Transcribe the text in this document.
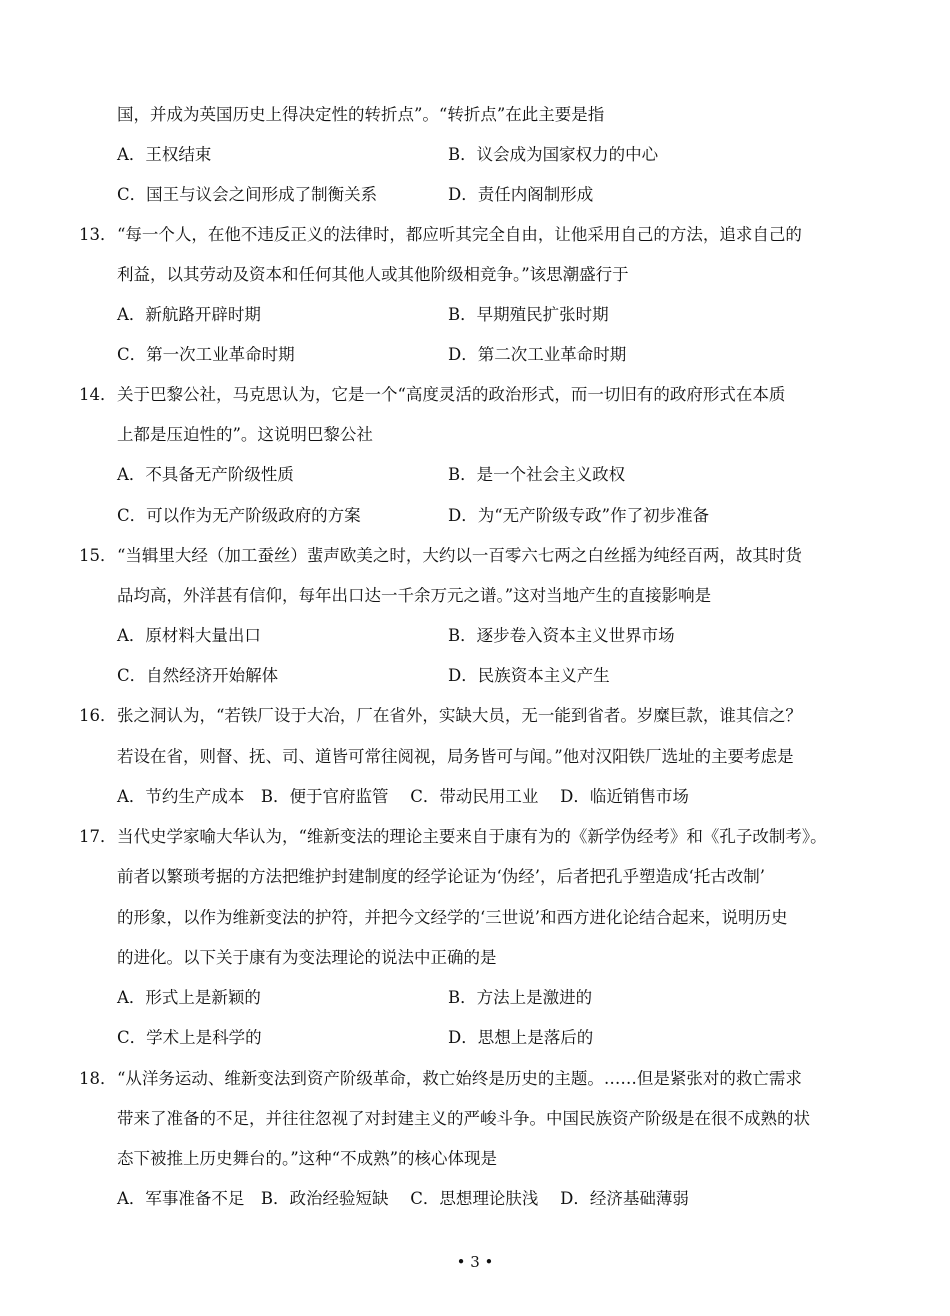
国，并成为英国历史上得决定性的转折点”。“转折点”在此主要是指
A．王权结束	B．议会成为国家权力的中心
C．国王与议会之间形成了制衡关系	D．责任内阁制形成
13． “每一个人，在他不违反正义的法律时，都应听其完全自由，让他采用自己的方法，追求自己的
利益，以其劳动及资本和任何其他人或其他阶级相竞争。”该思潮盛行于
A．新航路开辟时期	B．早期殖民扩张时期
C．第一次工业革命时期	D．第二次工业革命时期
14． 关于巴黎公社，马克思认为，它是一个“高度灵活的政治形式，而一切旧有的政府形式在本质
上都是压迫性的”。这说明巴黎公社
A．不具备无产阶级性质	B．是一个社会主义政权
C．可以作为无产阶级政府的方案	D．为“无产阶级专政”作了初步准备
15． “当辑里大经（加工蚕丝）蜚声欧美之时，大约以一百零六七两之白丝摇为纯经百两，故其时货
品均高，外洋甚有信仰，每年出口达一千余万元之谱。”这对当地产生的直接影响是
A．原材料大量出口	B．逐步卷入资本主义世界市场
C．自然经济开始解体	D．民族资本主义产生
16． 张之洞认为，“若铁厂设于大冶，厂在省外，实缺大员，无一能到省者。岁糜巨款，谁其信之？
若设在省，则督、抚、司、道皆可常往阅视，局务皆可与闻。”他对汉阳铁厂选址的主要考虑是
A．节约生产成本　B．便于官府监管　 C．带动民用工业　 D．临近销售市场
17． 当代史学家喻大华认为，“维新变法的理论主要来自于康有为的《新学伪经考》和《孔子改制考》。
前者以繁琐考据的方法把维护封建制度的经学论证为‘伪经’，后者把孔乎塑造成‘托古改制’
的形象，以作为维新变法的护符，并把今文经学的‘三世说’和西方进化论结合起来，说明历史
的进化。以下关于康有为变法理论的说法中正确的是
A．形式上是新颖的	B．方法上是激进的
C．学术上是科学的	D．思想上是落后的
18． “从洋务运动、维新变法到资产阶级革命，救亡始终是历史的主题。……但是紧张对的救亡需求
带来了准备的不足，并往往忽视了对封建主义的严峻斗争。中国民族资产阶级是在很不成熟的状
态下被推上历史舞台的。”这种“不成熟”的核心体现是
A．军事准备不足　B．政治经验短缺　 C．思想理论肤浅　 D．经济基础薄弱
• 3 •
